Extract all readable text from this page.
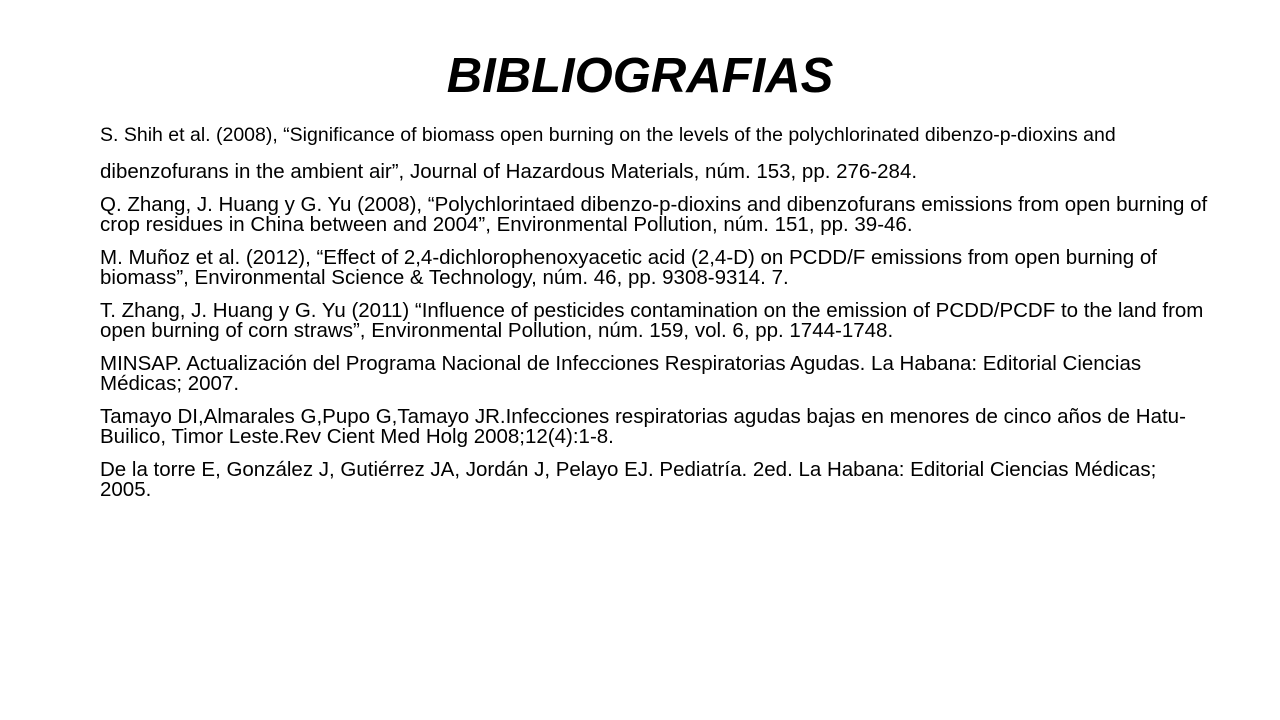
BIBLIOGRAFIAS
S. Shih et al. (2008), “Significance of biomass open burning on the levels of the polychlorinated dibenzo-p-dioxins and
dibenzofurans in the ambient air”, Journal of Hazardous Materials, núm. 153, pp. 276-284.
Q. Zhang, J. Huang y G. Yu (2008), “Polychlorintaed dibenzo-p-dioxins and dibenzofurans emissions from open burning of crop residues in China between and 2004”, Environmental Pollution, núm. 151, pp. 39-46.
M. Muñoz et al. (2012), “Effect of 2,4-dichlorophenoxyacetic acid (2,4-D) on PCDD/F emissions from open burning of biomass”, Environmental Science & Technology, núm. 46, pp. 9308-9314. 7.
T. Zhang, J. Huang y G. Yu (2011) “Influence of pesticides contamination on the emission of PCDD/PCDF to the land from open burning of corn straws”, Environmental Pollution, núm. 159, vol. 6, pp. 1744-1748.
MINSAP. Actualización del Programa Nacional de Infecciones Respiratorias Agudas. La Habana: Editorial Ciencias Médicas; 2007.
Tamayo DI,Almarales G,Pupo G,Tamayo JR.Infecciones respiratorias agudas bajas en menores de cinco años de Hatu-Builico, Timor Leste.Rev Cient Med Holg 2008;12(4):1-8.
De la torre E, González J, Gutiérrez JA, Jordán J, Pelayo EJ. Pediatría. 2ed. La Habana: Editorial Ciencias Médicas; 2005.
